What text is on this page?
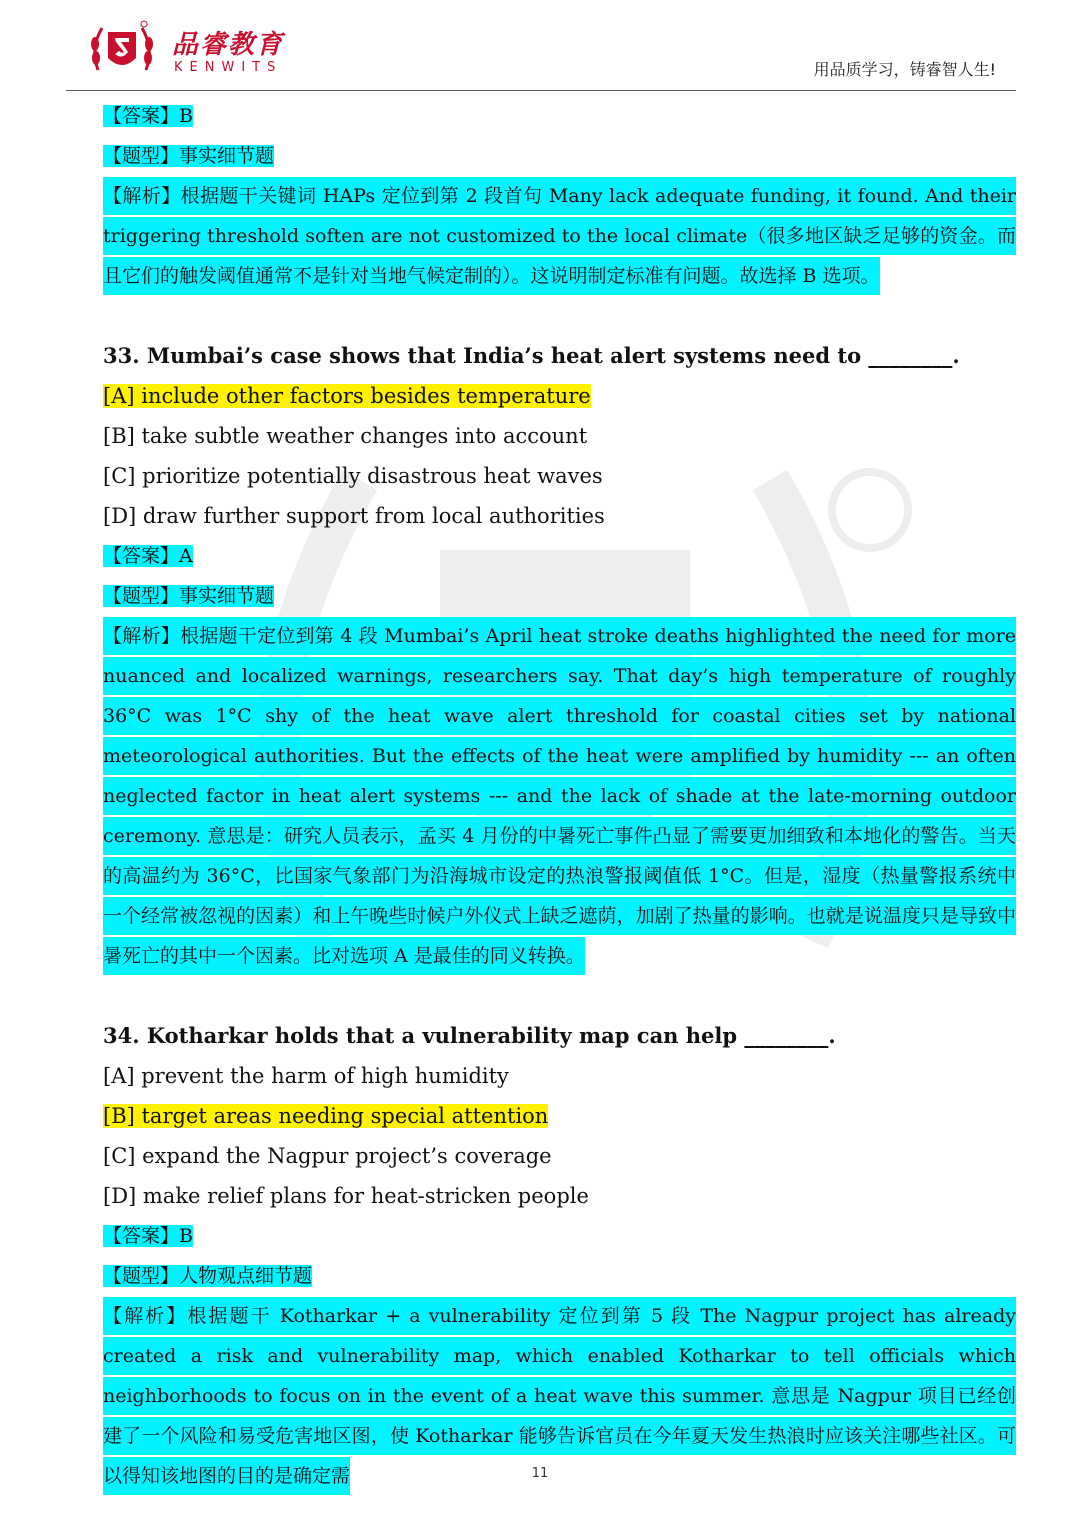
品睿教育
KENWITS	用品质学习，铸睿智人生!
【答案】B
【题型】事实细节题
【解析】根据题干关键词 HAPs 定位到第 2 段首句 Many lack adequate funding, it found. And their triggering threshold soften are not customized to the local climate（很多地区缺乏足够的资金。而且它们的触发阈值通常不是针对当地气候定制的）。这说明制定标准有问题。故选择 B 选项。
33. Mumbai’s case shows that India’s heat alert systems need to ________.
[A] include other factors besides temperature
[B] take subtle weather changes into account
[C] prioritize potentially disastrous heat waves
[D] draw further support from local authorities
【答案】A
【题型】事实细节题
【解析】根据题干定位到第 4 段 Mumbai’s April heat stroke deaths highlighted the need for more nuanced and localized warnings, researchers say. That day’s high temperature of roughly 36°C was 1°C shy of the heat wave alert threshold for coastal cities set by national meteorological authorities. But the effects of the heat were amplified by humidity --- an often neglected factor in heat alert systems --- and the lack of shade at the late-morning outdoor ceremony. 意思是：研究人员表示，孟买 4 月份的中暑死亡事件凸显了需要更加细致和本地化的警告。当天的高温约为 36°C，比国家气象部门为沿海城市设定的热浪警报阈值低 1°C。但是，湿度（热量警报系统中一个经常被忽视的因素）和上午晚些时候户外仪式上缺乏遮荫，加剧了热量的影响。也就是说温度只是导致中暑死亡的其中一个因素。比对选项 A 是最佳的同义转换。
34. Kotharkar holds that a vulnerability map can help ________.
[A] prevent the harm of high humidity
[B] target areas needing special attention
[C] expand the Nagpur project’s coverage
[D] make relief plans for heat-stricken people
【答案】B
【题型】人物观点细节题
【解析】根据题干 Kotharkar + a vulnerability 定位到第 5 段 The Nagpur project has already created a risk and vulnerability map, which enabled Kotharkar to tell officials which neighborhoods to focus on in the event of a heat wave this summer. 意思是 Nagpur 项目已经创建了一个风险和易受危害地区图，使 Kotharkar 能够告诉官员在今年夏天发生热浪时应该关注哪些社区。可以得知该地图的目的是确定需	11
